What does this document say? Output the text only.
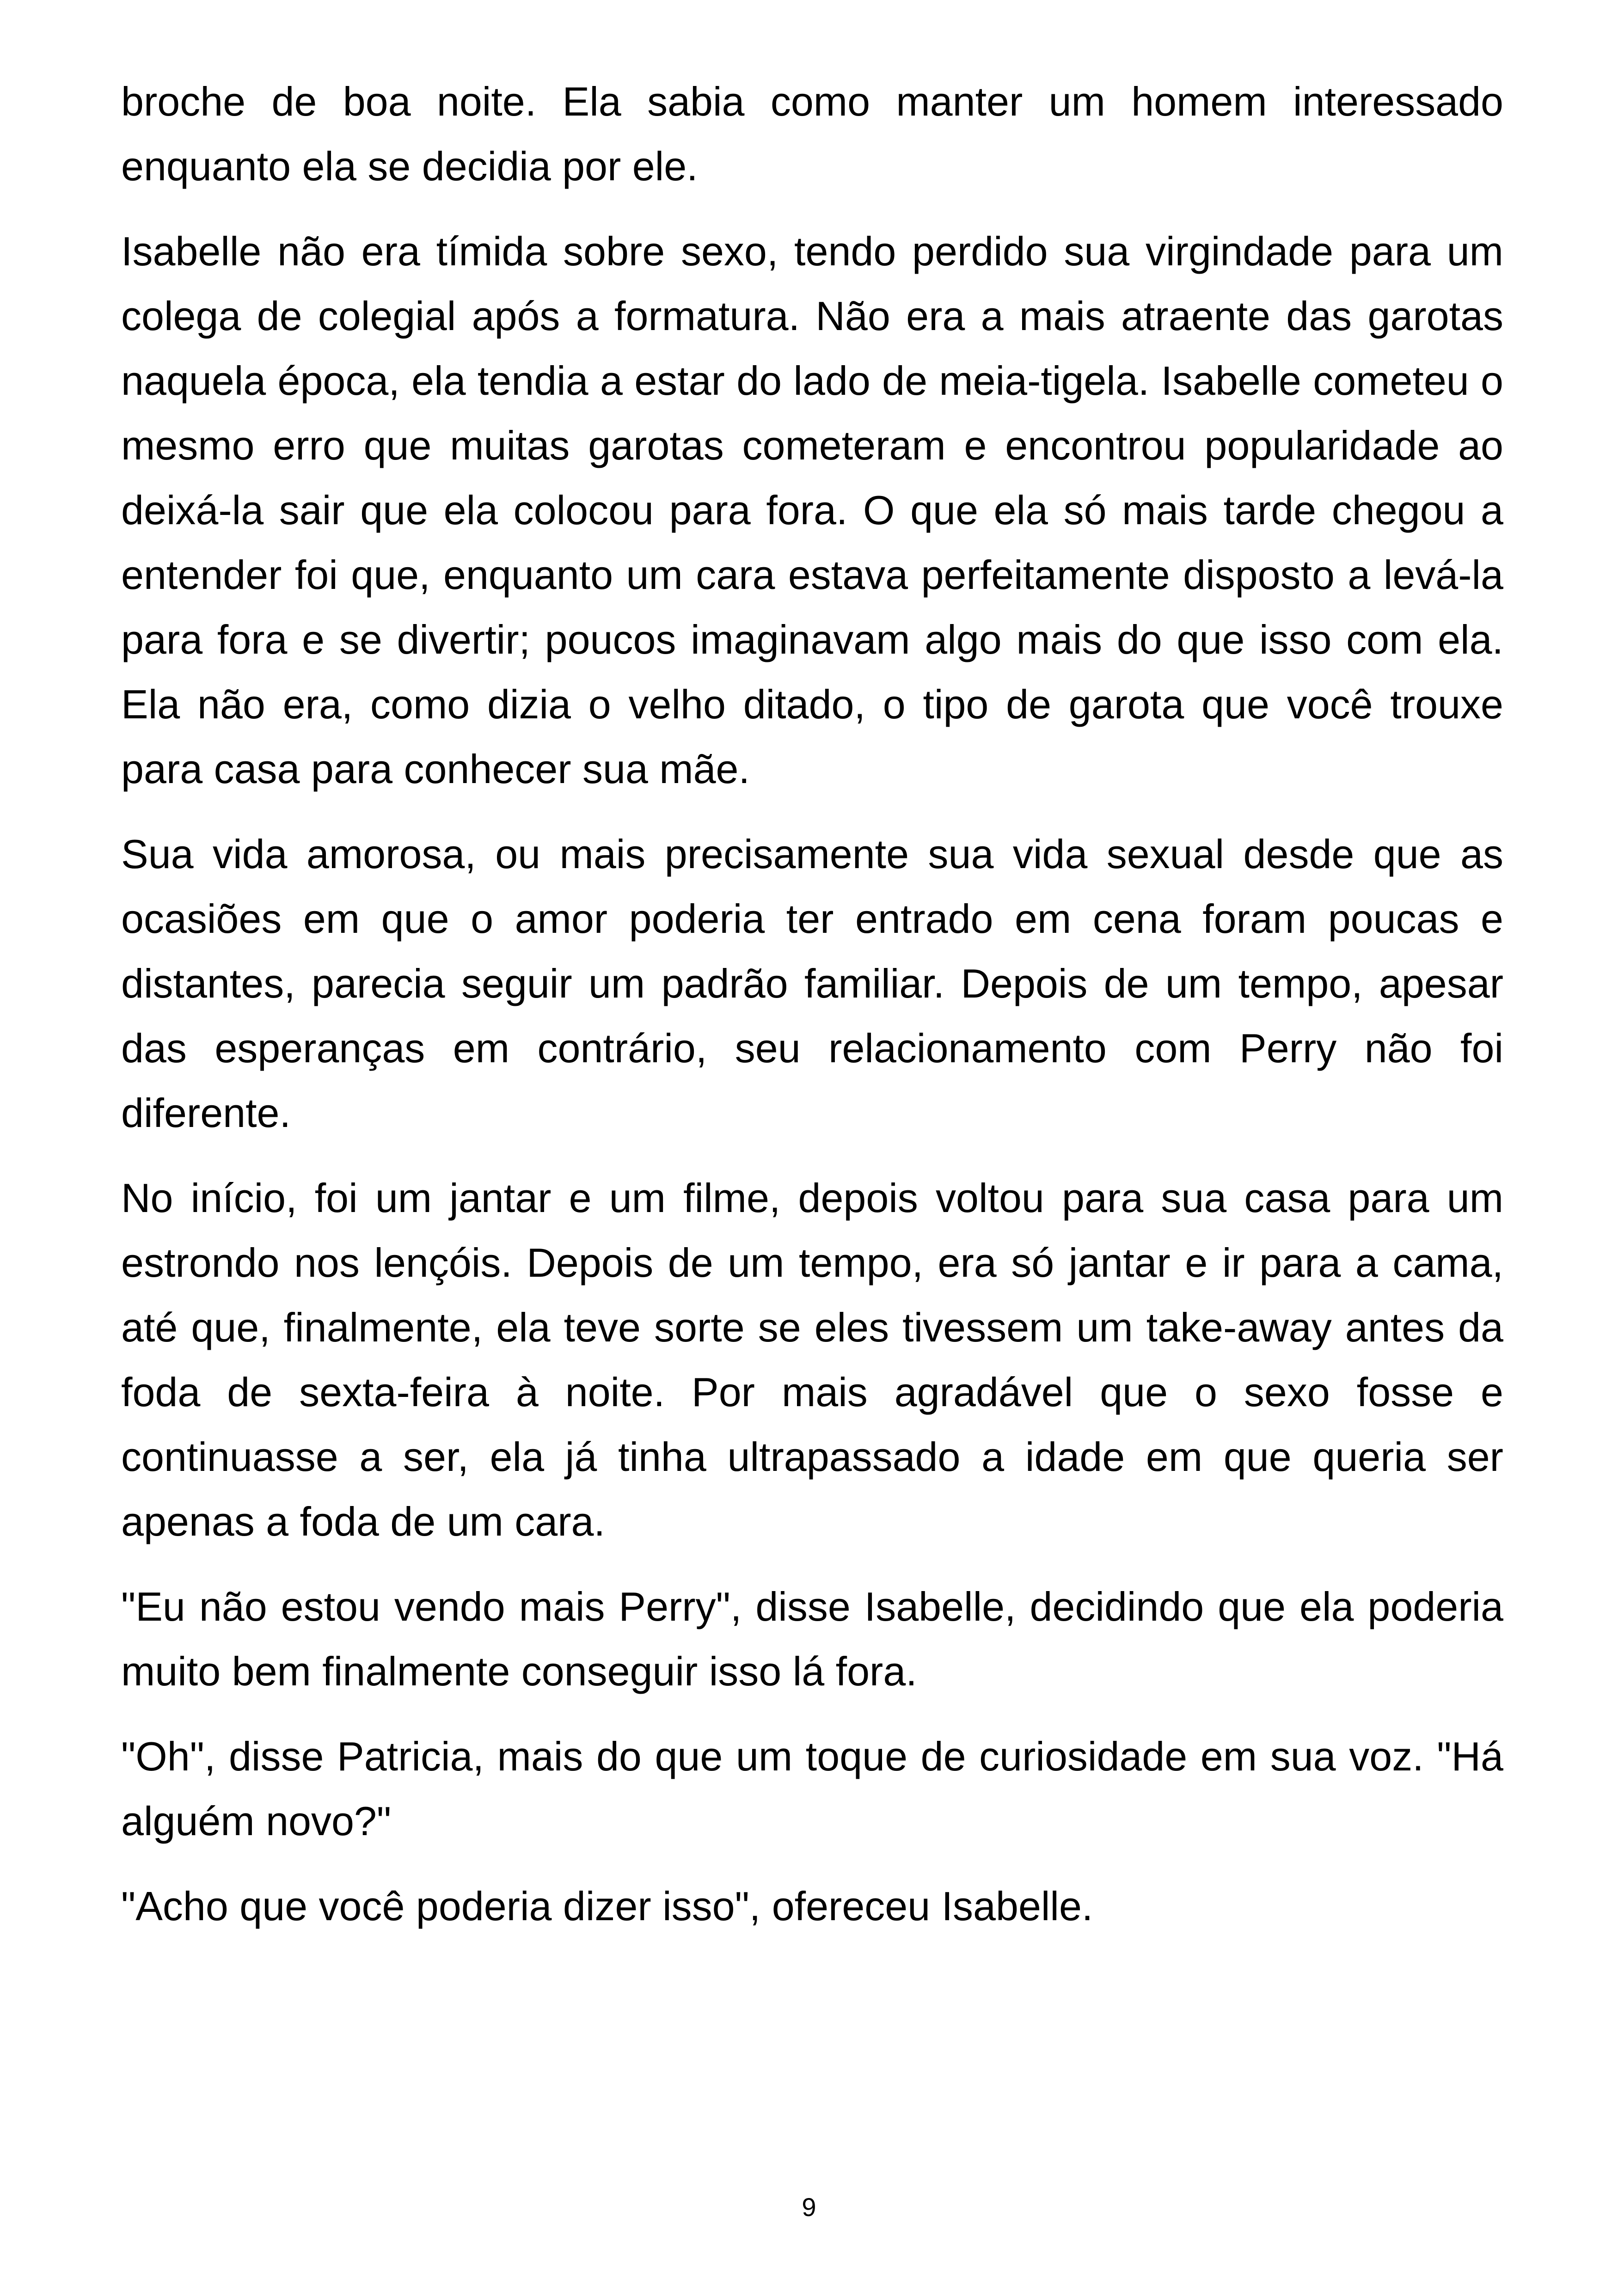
broche de boa noite. Ela sabia como manter um homem interessado enquanto ela se decidia por ele.

Isabelle não era tímida sobre sexo, tendo perdido sua virgindade para um colega de colegial após a formatura. Não era a mais atraente das garotas naquela época, ela tendia a estar do lado de meia-tigela. Isabelle cometeu o mesmo erro que muitas garotas cometeram e encontrou popularidade ao deixá-la sair que ela colocou para fora. O que ela só mais tarde chegou a entender foi que, enquanto um cara estava perfeitamente disposto a levá-la para fora e se divertir; poucos imaginavam algo mais do que isso com ela. Ela não era, como dizia o velho ditado, o tipo de garota que você trouxe para casa para conhecer sua mãe.

Sua vida amorosa, ou mais precisamente sua vida sexual desde que as ocasiões em que o amor poderia ter entrado em cena foram poucas e distantes, parecia seguir um padrão familiar. Depois de um tempo, apesar das esperanças em contrário, seu relacionamento com Perry não foi diferente.

No início, foi um jantar e um filme, depois voltou para sua casa para um estrondo nos lençóis. Depois de um tempo, era só jantar e ir para a cama, até que, finalmente, ela teve sorte se eles tivessem um take-away antes da foda de sexta-feira à noite. Por mais agradável que o sexo fosse e continuasse a ser, ela já tinha ultrapassado a idade em que queria ser apenas a foda de um cara.

"Eu não estou vendo mais Perry", disse Isabelle, decidindo que ela poderia muito bem finalmente conseguir isso lá fora.

"Oh", disse Patricia, mais do que um toque de curiosidade em sua voz. "Há alguém novo?"

"Acho que você poderia dizer isso", ofereceu Isabelle.

9
